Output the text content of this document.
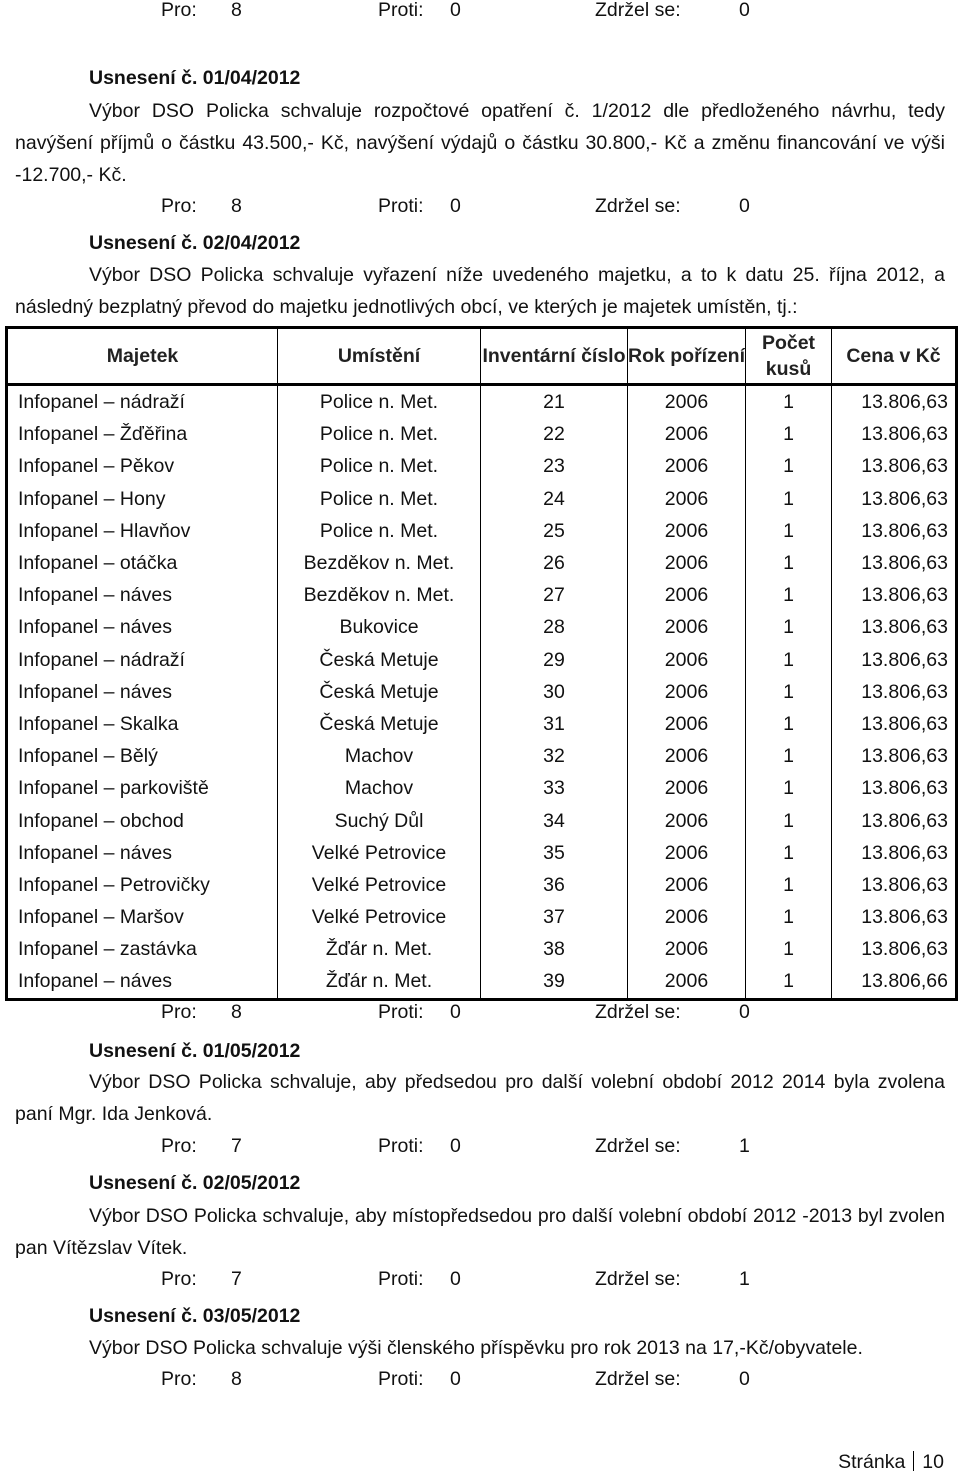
Pro: 8	Proti: 0	Zdržel se:	0
Usnesení č. 01/04/2012
Výbor DSO Policka schvaluje rozpočtové opatření č. 1/2012 dle předloženého návrhu, tedy navýšení příjmů o částku 43.500,- Kč, navýšení výdajů o částku 30.800,- Kč a změnu financování ve výši -12.700,- Kč.
Pro: 8	Proti: 0	Zdržel se:	0
Usnesení č. 02/04/2012
Výbor DSO Policka schvaluje vyřazení níže uvedeného majetku, a to k datu 25. října 2012, a následný bezplatný převod do majetku jednotlivých obcí, ve kterých je majetek umístěn, tj.:
Majetek	Umístění	Inventární číslo	Rok pořízení	Počet kusů	Cena v Kč
Infopanel – nádraží	Police n. Met.	21	2006	1	13.806,63
Infopanel – Žďěřina	Police n. Met.	22	2006	1	13.806,63
Infopanel – Pěkov	Police n. Met.	23	2006	1	13.806,63
Infopanel – Hony	Police n. Met.	24	2006	1	13.806,63
Infopanel – Hlavňov	Police n. Met.	25	2006	1	13.806,63
Infopanel – otáčka	Bezděkov n. Met.	26	2006	1	13.806,63
Infopanel – náves	Bezděkov n. Met.	27	2006	1	13.806,63
Infopanel – náves	Bukovice	28	2006	1	13.806,63
Infopanel – nádraží	Česká Metuje	29	2006	1	13.806,63
Infopanel – náves	Česká Metuje	30	2006	1	13.806,63
Infopanel – Skalka	Česká Metuje	31	2006	1	13.806,63
Infopanel – Bělý	Machov	32	2006	1	13.806,63
Infopanel – parkoviště	Machov	33	2006	1	13.806,63
Infopanel – obchod	Suchý Důl	34	2006	1	13.806,63
Infopanel – náves	Velké Petrovice	35	2006	1	13.806,63
Infopanel – Petrovičky	Velké Petrovice	36	2006	1	13.806,63
Infopanel – Maršov	Velké Petrovice	37	2006	1	13.806,63
Infopanel – zastávka	Žďár n. Met.	38	2006	1	13.806,63
Infopanel – náves	Žďár n. Met.	39	2006	1	13.806,66
Pro: 8	Proti: 0	Zdržel se:	0
Usnesení č. 01/05/2012
Výbor DSO Policka schvaluje, aby předsedou pro další volební období 2012 2014 byla zvolena paní Mgr. Ida Jenková.
Pro: 7	Proti: 0	Zdržel se:	1
Usnesení č. 02/05/2012
Výbor DSO Policka schvaluje, aby místopředsedou pro další volební období 2012 -2013 byl zvolen pan Vítězslav Vítek.
Pro: 7	Proti: 0	Zdržel se:	1
Usnesení č. 03/05/2012
Výbor DSO Policka schvaluje výši členského příspěvku pro rok 2013 na 17,-Kč/obyvatele.
Pro: 8	Proti: 0	Zdržel se:	0
Stránka 10
